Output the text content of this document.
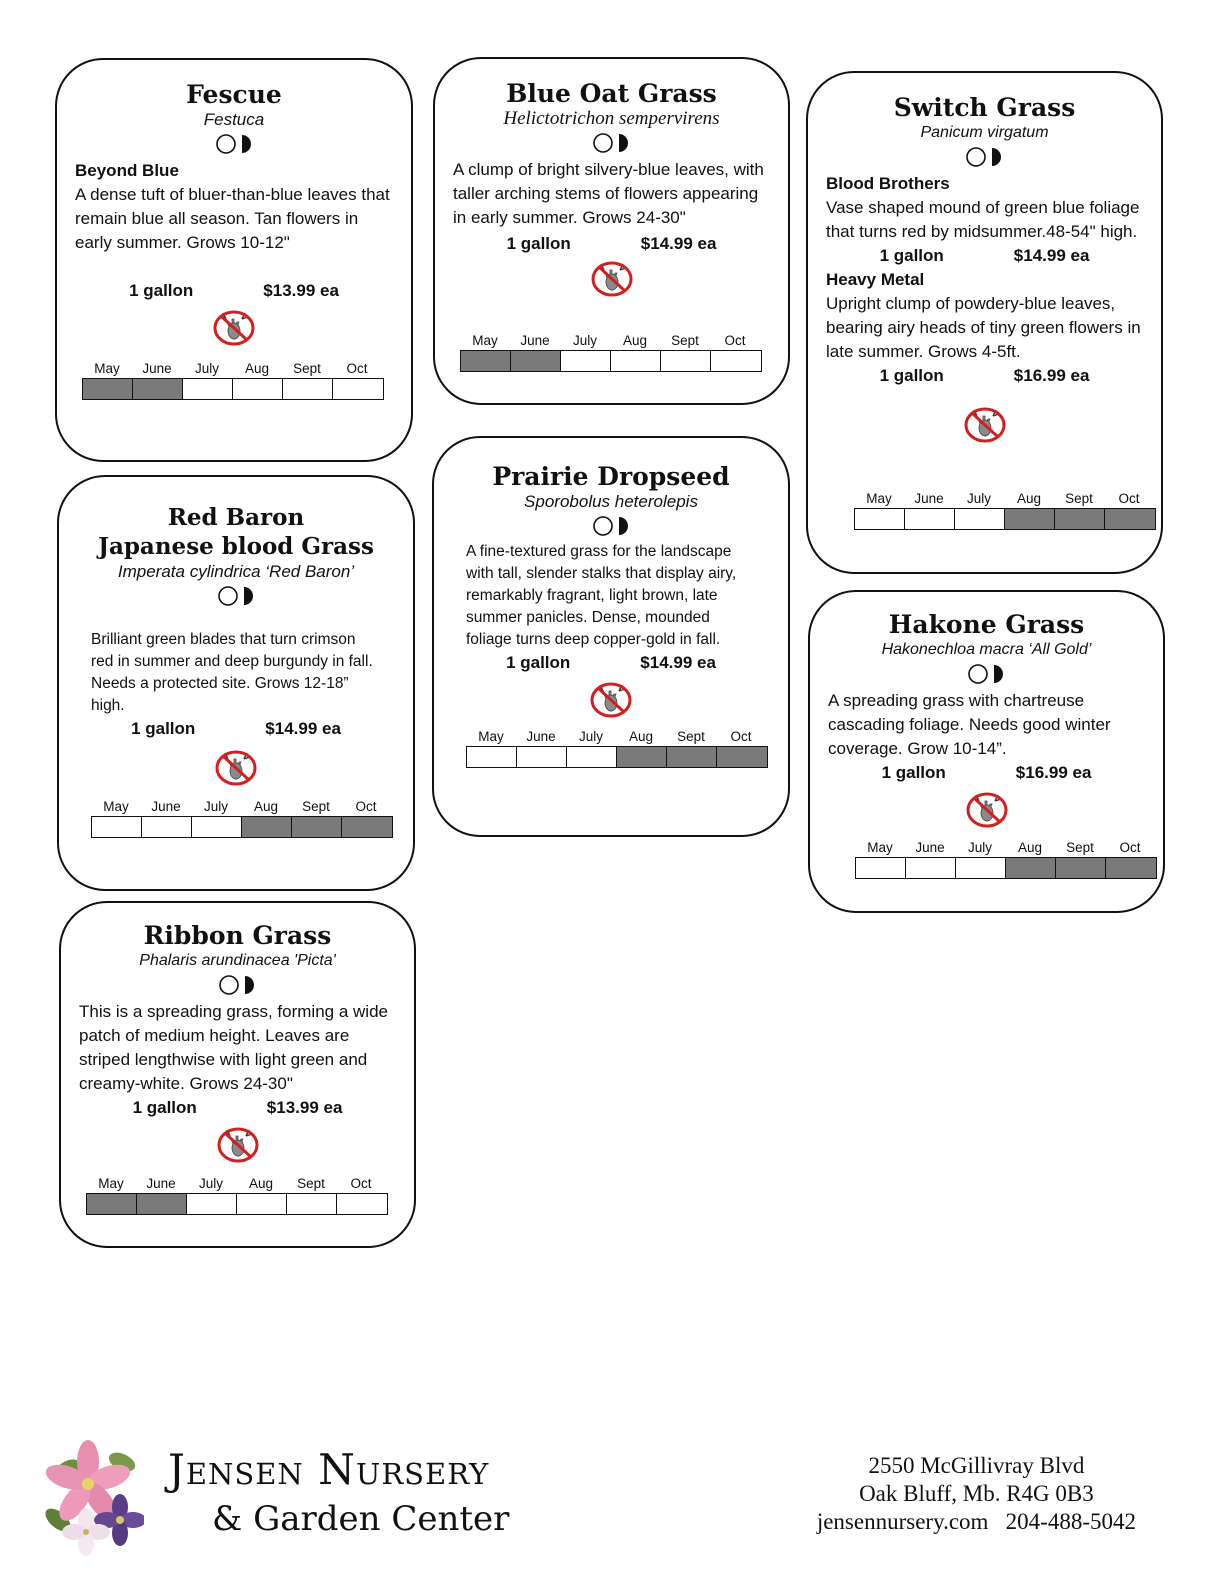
Fescue
Festuca
Beyond Blue
A dense tuft of bluer-than-blue leaves that remain blue all season. Tan flowers in early summer. Grows 10-12"
1 gallon	$13.99 ea
May	June	July	Aug	Sept	Oct
Blue Oat Grass
Helictotrichon sempervirens
A clump of bright silvery-blue leaves, with taller arching stems of flowers appearing in early summer. Grows 24-30"
1 gallon	$14.99 ea
May	June	July	Aug	Sept	Oct
Switch Grass
Panicum virgatum
Blood Brothers
Vase shaped mound of green blue foliage that turns red by midsummer.48-54" high.
1 gallon	$14.99 ea
Heavy Metal
Upright clump of powdery-blue leaves, bearing airy heads of tiny green flowers in late summer. Grows 4-5ft.
1 gallon	$16.99 ea
May	June	July	Aug	Sept	Oct
Prairie Dropseed
Sporobolus heterolepis
A fine-textured grass for the landscape with tall, slender stalks that display airy, remarkably fragrant, light brown, late summer panicles. Dense, mounded foliage turns deep copper-gold in fall.
1 gallon	$14.99 ea
May	June	July	Aug	Sept	Oct
Red Baron
Japanese blood Grass
Imperata cylindrica ‘Red Baron’
Brilliant green blades that turn crimson red in summer and deep burgundy in fall. Needs a protected site. Grows 12-18” high.
1 gallon	$14.99 ea
May	June	July	Aug	Sept	Oct
Hakone Grass
Hakonechloa macra ‘All Gold’
A spreading grass with chartreuse cascading foliage. Needs good winter coverage. Grow 10-14”.
1 gallon	$16.99 ea
May	June	July	Aug	Sept	Oct
Ribbon Grass
Phalaris arundinacea 'Picta'
This is a spreading grass, forming a wide patch of medium height. Leaves are striped lengthwise with light green and creamy-white. Grows 24-30"
1 gallon	$13.99 ea
May	June	July	Aug	Sept	Oct
Jensen Nursery
& Garden Center
2550 McGillivray Blvd
Oak Bluff, Mb. R4G 0B3
jensennursery.com 204-488-5042
